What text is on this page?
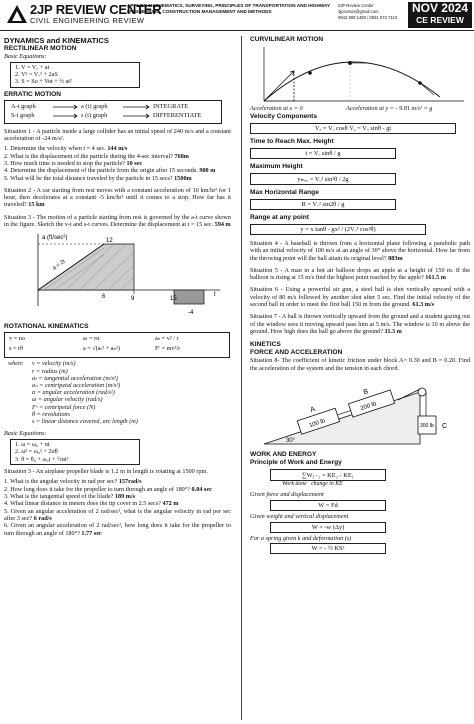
2JP REVIEW CENTER
CIVIL ENGINEERING REVIEW
APPLIED MATHEMATICS, SURVEYING, PRINCIPLES OF TRANSPORTATION AND HIGHWAY ENGINEERING, CONSTRUCTION MANAGEMENT AND METHODS
2JP Review Center
2jpcenter@gmail.com
0942 808 1480 / 0931 072 7110
NOV 2024
CE REVIEW
DYNAMICS and KINEMATICS
RECTILINEAR MOTION
Basic Equations:
1. V = Vₒ + at
2. V² = Vₒ² + 2aS
3. S = So + Vot + ½ at²
ERRATIC MOTION
A-t graph	a (t) graph	INTEGRATE
S-t graph	s (t) graph	DIFFERENTIATE
Situation 1 - A particle inside a large collider has an initial speed of 240 m/s and a constant acceleration of -24 m/s².
1. Determine the velocity when t = 4 sec. 144 m/s
2. What is the displacement of the particle during the 4-sec interval? 768m
3. How much time is needed to stop the particle? 10 sec
4. Determine the displacement of the particle from the origin after 15 seconds. 900 m
5. What will be the total distance traveled by the particle in 15 secs? 1500m
Situation 2 - A car starting from rest moves with a constant acceleration of 10 km/hr² for 1 hour, then decelerates at a constant -5 km/hr² until it comes to a stop. How far has it traveled? 15 km
Situation 3 - The motion of a particle starting from rest is governed by the a-t curve shown in the figure. Sketch the v-t and s-t curves. Determine the displacement at t = 15 sec. 594 m
a (ft/sec²)	12
6	9	15
t
-4
a = 2t
ROTATIONAL KINEMATICS
v = rω	aₜ = rα	aₙ = v² / r
s = rθ	a = √(aₜ² + aₙ²)	Fᶜ = mv²/r
where v = velocity (m/s)
r = radius (m)
aₜ = tangential acceleration (m/s²)
aₙ = centripetal acceleration (m/s²)
α = angular acceleration (rad/s²)
ω = angular velocity (rad/s)
Fᶜ = centripetal force (N)
θ = revolutions
s = linear distance covered, arc length (m)
Basic Equations:
1. ω = ω₀ + αt
2. ω² = ω₀² + 2αθ
3. θ = θ₀ + ω₀t + ½αt²
Situation 3 - An airplane propeller blade is 1.2 m in length is rotating at 1500 rpm.
1. What is the angular velocity in rad per sec? 157rad/s
2. How long does it take for the propeller to turn through an angle of 180°? 0.04 sec
3. What is the tangential speed of the blade? 189 m/s
4. What linear distance in meters does the tip cover in 2.5 secs? 472 m
5. Given an angular acceleration of 2 rad/sec², what is the angular velocity in rad per sec after 3 sec? 6 rad/s
6. Given an angular acceleration of 2 rad/sec², how long does it take for the propeller to turn through an angle of 180°? 1.77 sec
CURVILINEAR MOTION
Acceleration at x = 0	Acceleration at y = - 9.81 m/s² = g
Velocity Components
Vₓ = Vₒ cosθ Vᵧ = Vₒ sinθ - gt
Time to Reach Max. Height
t = Vₒ sinθ / g
Maximum Height
yₘₐₓ = Vₒ² sin²θ / 2g
Max Horizontal Range
R = Vₒ² sin2θ / g
Range at any point
y = x tanθ - gx² / (2Vₒ² cos²θ)
Situation 4 - A baseball is thrown from a horizontal plane following a parabolic path with an initial velocity of 100 m/s at an angle of 30° above the horizontal. How far from the throwing point will the ball attain its original level? 883m
Situation 5 - A man in a hot air balloon drops an apple at a height of 150 m. If the balloon is rising at 15 m/s find the highest point reached by the apple? 161.5 m
Situation 6 - Using a powerful air gun, a steel ball is shot vertically upward with a velocity of 80 m/s followed by another shot after 5 sec. Find the initial velocity of the second ball in order to meet the first ball 150 m from the ground. 61.3 m/s
Situation 7 - A ball is thrown vertically upward from the ground and a student gazing out of the window sees it moving upward pass him at 5 m/s. The window is 10 m above the ground. How high does the ball go above the ground? 11.3 m
KINETICS
FORCE AND ACCELERATION
Situation 8- The coefficient of kinetic friction under block A= 0.30 and B = 0.20. Find the acceleration of the system and the tension in each chord.
100 lb
200 lb
A
B
300 lb C
30°
WORK AND ENERGY
Principle of Work and Energy
∑W₁₋₂ = KE₂ - KE₁
Work done change in KE
Given force and displacement
W = Fd
Given weight and vertical displacement
W = -w (Δy)
For a spring given k and deformation (s)
W = - ½ KS²
